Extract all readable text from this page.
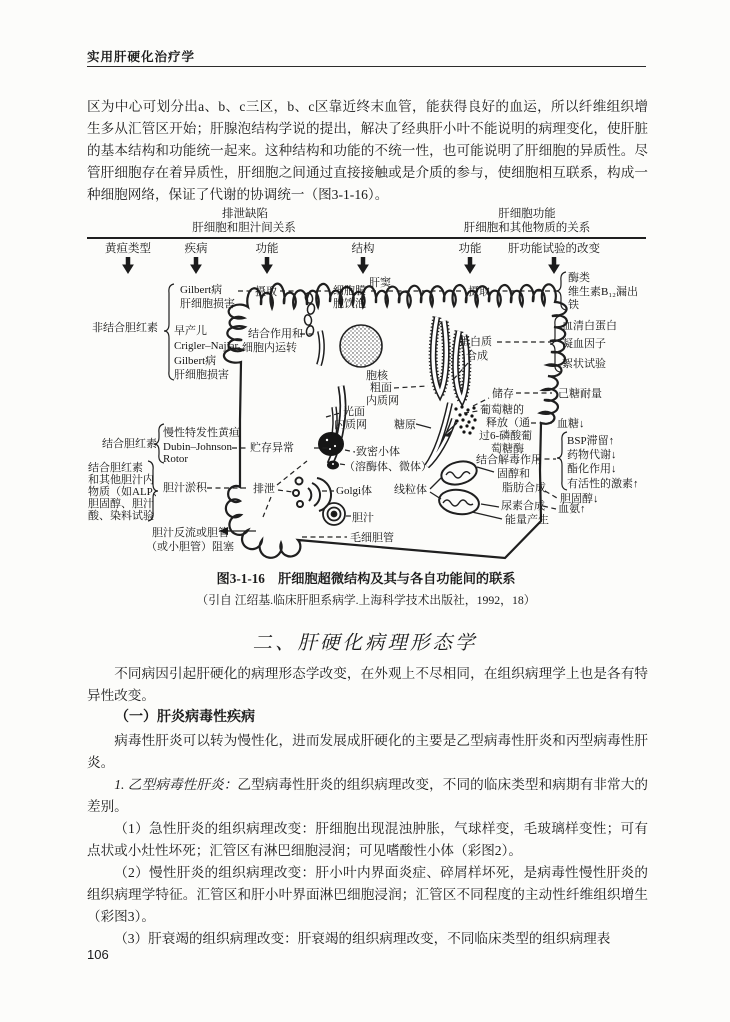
实用肝硬化治疗学
区为中心可划分出a、b、c三区，b、c区靠近终末血管，能获得良好的血运，所以纤维组织增生多从汇管区开始；肝腺泡结构学说的提出，解决了经典肝小叶不能说明的病理变化，使肝脏的基本结构和功能统一起来。这种结构和功能的不统一性，也可能说明了肝细胞的异质性。尽管肝细胞存在着异质性，肝细胞之间通过直接接触或是介质的参与，使细胞相互联系，构成一种细胞网络，保证了代谢的协调统一（图3-1-16）。
排泄缺陷
肝细胞和胆汁间关系
肝细胞功能
肝细胞和其他物质的关系
黄疸类型	疾病	功能	结构	功能 肝功能试验的改变
肝窦
Gilbert病
肝细胞损害
早产儿
Crigler–Najjar
Gilbert病
肝细胞损害
非结合胆红素
结合胆红素
慢性特发性黄疸
Dubin–Johnson
Rotor
结合胆红素
和其他胆汁内
物质（如ALP、
胆固醇、胆汁
酸、染料试验
胆汁淤积
胆汁反流或胆管
（或小胆管）阻塞
摄取	细胞膜
胞饮泡
摄取
结合作用和
细胞内运转
胞核
粗面
内质网
光面
内质网
贮存异常	致密小体
（溶酶体、微体）
排泄	Golgi体
胆汁
毛细胆管
糖原
线粒体
蛋白质
合成
储存
葡萄糖的
释放（通
过6-磷酸葡
萄糖酶
结合解毒作用
固醇和
脂肪合成
尿素合成
能量产生
酶类
维生素B₁₂漏出
铁
血清白蛋白
凝血因子
絮状试验
己糖耐量
血糖↓
BSP滞留↑
药物代谢↓
酯化作用↓
有活性的激素↑
胆固醇↓
血氨↑
图3-1-16　肝细胞超微结构及其与各自功能间的联系
（引自 江绍基.临床肝胆系病学.上海科学技术出版社，1992，18）
二、肝硬化病理形态学
不同病因引起肝硬化的病理形态学改变，在外观上不尽相同，在组织病理学上也是各有特异性改变。
（一）肝炎病毒性疾病
病毒性肝炎可以转为慢性化，进而发展成肝硬化的主要是乙型病毒性肝炎和丙型病毒性肝炎。
1. 乙型病毒性肝炎：乙型病毒性肝炎的组织病理改变，不同的临床类型和病期有非常大的差别。
（1）急性肝炎的组织病理改变：肝细胞出现混浊肿胀，气球样变，毛玻璃样变性；可有点状或小灶性坏死；汇管区有淋巴细胞浸润；可见嗜酸性小体（彩图2）。
（2）慢性肝炎的组织病理改变：肝小叶内界面炎症、碎屑样坏死，是病毒性慢性肝炎的组织病理学特征。汇管区和肝小叶界面淋巴细胞浸润；汇管区不同程度的主动性纤维组织增生（彩图3）。
（3）肝衰竭的组织病理改变：肝衰竭的组织病理改变，不同临床类型的组织病理表
106
